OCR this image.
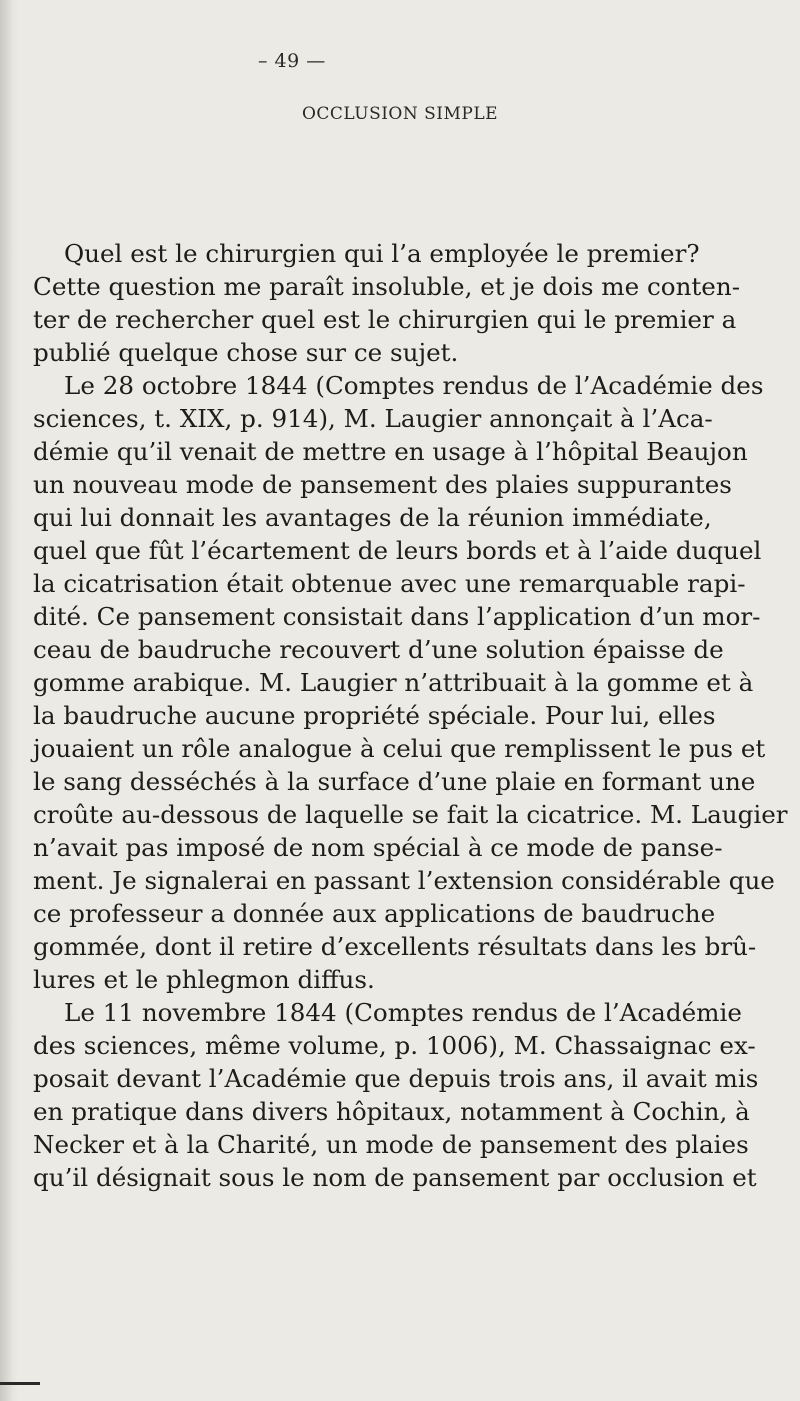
– 49 —
OCCLUSION SIMPLE
Quel est le chirurgien qui l’a employée le premier?
Cette question me paraît insoluble, et je dois me conten-
ter de rechercher quel est le chirurgien qui le premier a
publié quelque chose sur ce sujet.
Le 28 octobre 1844 (Comptes rendus de l’Académie des
sciences, t. XIX, p. 914), M. Laugier annonçait à l’Aca-
démie qu’il venait de mettre en usage à l’hôpital Beaujon
un nouveau mode de pansement des plaies suppurantes
qui lui donnait les avantages de la réunion immédiate,
quel que fût l’écartement de leurs bords et à l’aide duquel
la cicatrisation était obtenue avec une remarquable rapi-
dité. Ce pansement consistait dans l’application d’un mor-
ceau de baudruche recouvert d’une solution épaisse de
gomme arabique. M. Laugier n’attribuait à la gomme et à
la baudruche aucune propriété spéciale. Pour lui, elles
jouaient un rôle analogue à celui que remplissent le pus et
le sang desséchés à la surface d’une plaie en formant une
croûte au-dessous de laquelle se fait la cicatrice. M. Laugier
n’avait pas imposé de nom spécial à ce mode de panse-
ment. Je signalerai en passant l’extension considérable que
ce professeur a donnée aux applications de baudruche
gommée, dont il retire d’excellents résultats dans les brû-
lures et le phlegmon diffus.
Le 11 novembre 1844 (Comptes rendus de l’Académie
des sciences, même volume, p. 1006), M. Chassaignac ex-
posait devant l’Académie que depuis trois ans, il avait mis
en pratique dans divers hôpitaux, notamment à Cochin, à
Necker et à la Charité, un mode de pansement des plaies
qu’il désignait sous le nom de pansement par occlusion et
